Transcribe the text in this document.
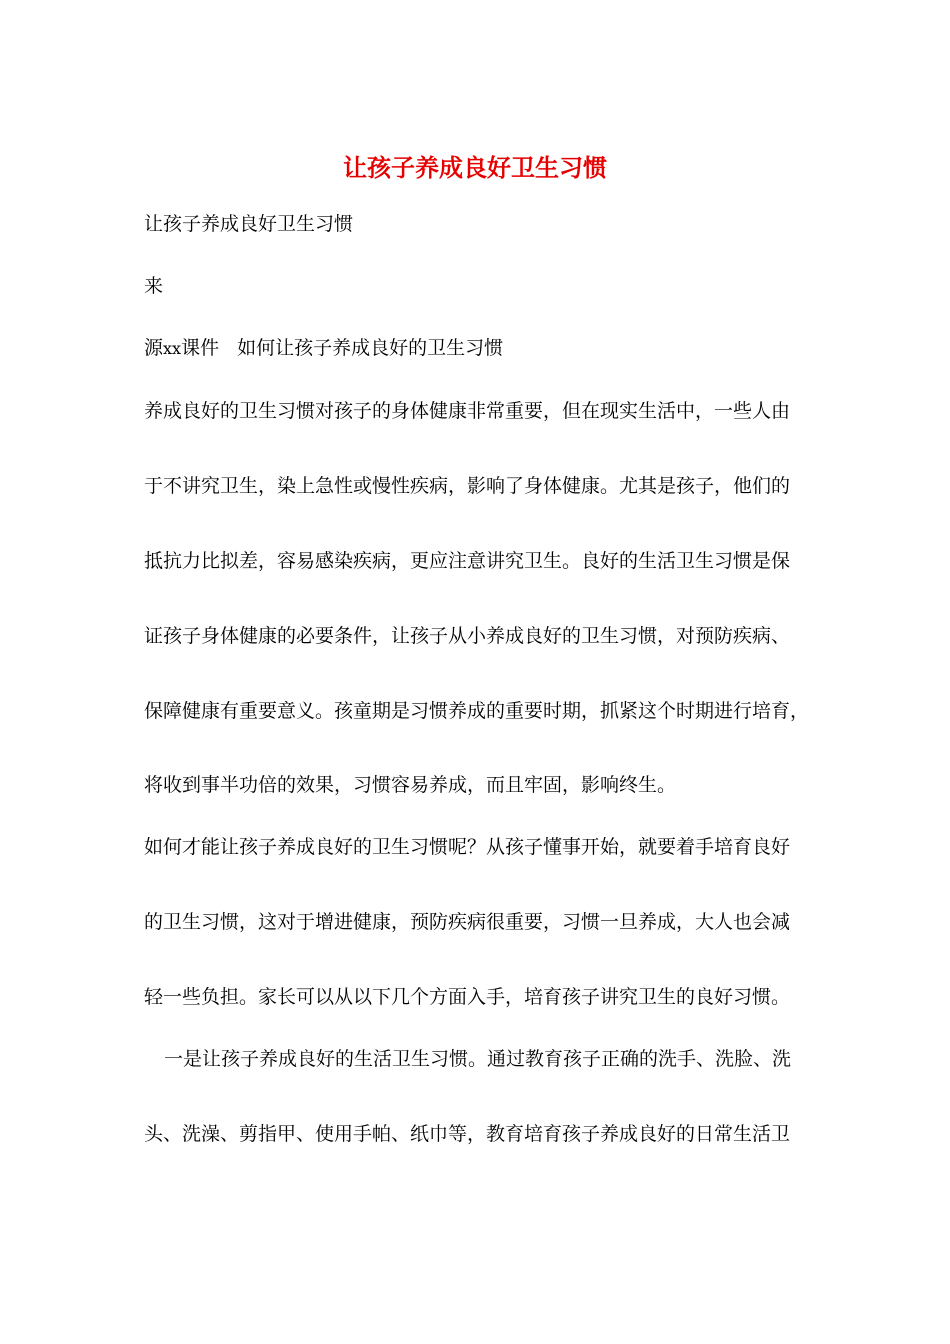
让孩子养成良好卫生习惯
让孩子养成良好卫生习惯
来
源xx课件 如何让孩子养成良好的卫生习惯
养成良好的卫生习惯对孩子的身体健康非常重要，但在现实生活中，一些人由
于不讲究卫生，染上急性或慢性疾病，影响了身体健康。尤其是孩子，他们的
抵抗力比拟差，容易感染疾病，更应注意讲究卫生。良好的生活卫生习惯是保
证孩子身体健康的必要条件，让孩子从小养成良好的卫生习惯，对预防疾病、
保障健康有重要意义。孩童期是习惯养成的重要时期，抓紧这个时期进行培育，
将收到事半功倍的效果，习惯容易养成，而且牢固，影响终生。
如何才能让孩子养成良好的卫生习惯呢？从孩子懂事开始，就要着手培育良好
的卫生习惯，这对于增进健康，预防疾病很重要，习惯一旦养成，大人也会减
轻一些负担。家长可以从以下几个方面入手，培育孩子讲究卫生的良好习惯。
一是让孩子养成良好的生活卫生习惯。通过教育孩子正确的洗手、洗脸、洗
头、洗澡、剪指甲、使用手帕、纸巾等，教育培育孩子养成良好的日常生活卫
